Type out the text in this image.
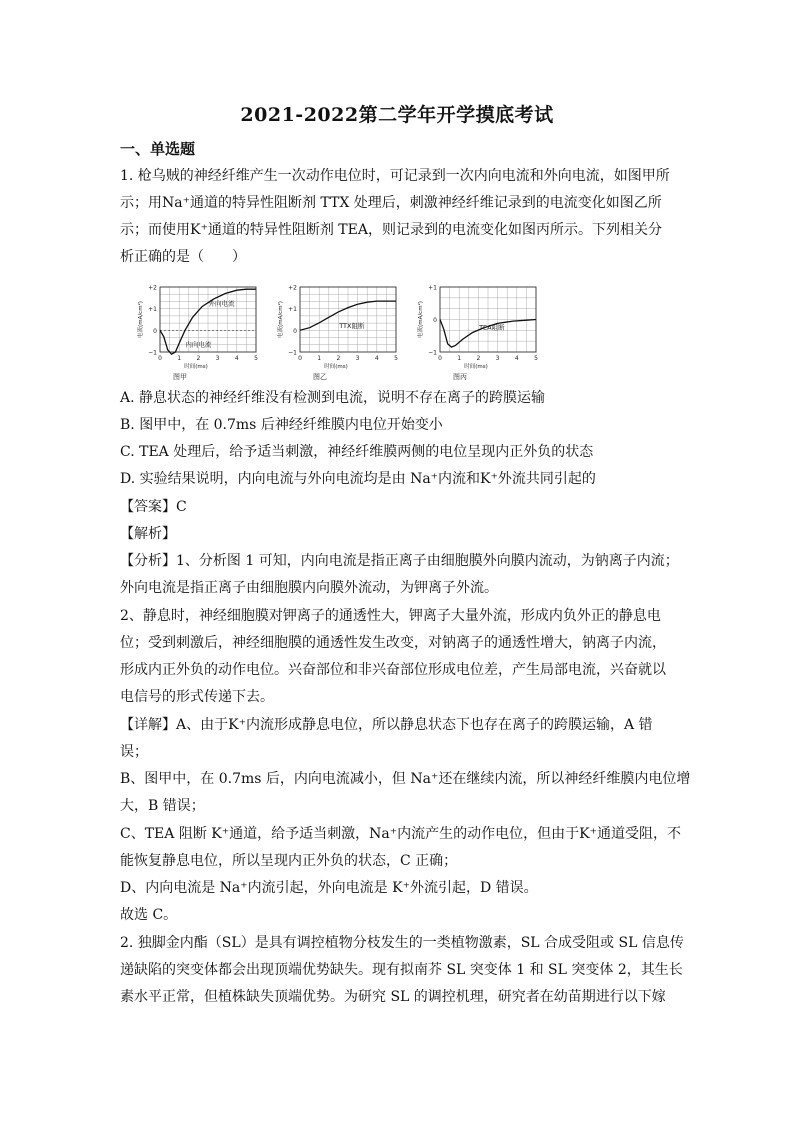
2021-2022第二学年开学摸底考试
一、单选题
1. 枪乌贼的神经纤维产生一次动作电位时，可记录到一次内向电流和外向电流，如图甲所
示；用Na⁺通道的特异性阻断剂 TTX 处理后，刺激神经纤维记录到的电流变化如图乙所
示；而使用K⁺通道的特异性阻断剂 TEA，则记录到的电流变化如图丙所示。下列相关分
析正确的是（　　）
+2
+1
0
−1
0	1	2	3	4	5
时间(ms)
电流(mA/cm²)
图甲
外向电流
内向电流
+2
+1
0
−1
0	1	2	3	4	5
时间(ms)
电流(mA/cm²)
图乙
TTX阻断
+1
0
−1
0	1	2	3	4	5
时间(ms)
电流(mA/cm²)
图丙
TEA阻断
A. 静息状态的神经纤维没有检测到电流，说明不存在离子的跨膜运输
B. 图甲中，在 0.7ms 后神经纤维膜内电位开始变小
C. TEA 处理后，给予适当刺激，神经纤维膜两侧的电位呈现内正外负的状态
D. 实验结果说明，内向电流与外向电流均是由 Na⁺内流和K⁺外流共同引起的
【答案】C
【解析】
【分析】1、分析图 1 可知，内向电流是指正离子由细胞膜外向膜内流动，为钠离子内流；
外向电流是指正离子由细胞膜内向膜外流动，为钾离子外流。
2、静息时，神经细胞膜对钾离子的通透性大，钾离子大量外流，形成内负外正的静息电
位；受到刺激后，神经细胞膜的通透性发生改变，对钠离子的通透性增大，钠离子内流，
形成内正外负的动作电位。兴奋部位和非兴奋部位形成电位差，产生局部电流，兴奋就以
电信号的形式传递下去。
【详解】A、由于K⁺内流形成静息电位，所以静息状态下也存在离子的跨膜运输，A 错
误；
B、图甲中，在 0.7ms 后，内向电流减小，但 Na⁺还在继续内流，所以神经纤维膜内电位增
大，B 错误；
C、TEA 阻断 K⁺通道，给予适当刺激，Na⁺内流产生的动作电位，但由于K⁺通道受阻，不
能恢复静息电位，所以呈现内正外负的状态，C 正确；
D、内向电流是 Na⁺内流引起，外向电流是 K⁺外流引起，D 错误。
故选 C。
2. 独脚金内酯（SL）是具有调控植物分枝发生的一类植物激素，SL 合成受阻或 SL 信息传
递缺陷的突变体都会出现顶端优势缺失。现有拟南芥 SL 突变体 1 和 SL 突变体 2，其生长
素水平正常，但植株缺失顶端优势。为研究 SL 的调控机理，研究者在幼苗期进行以下嫁
